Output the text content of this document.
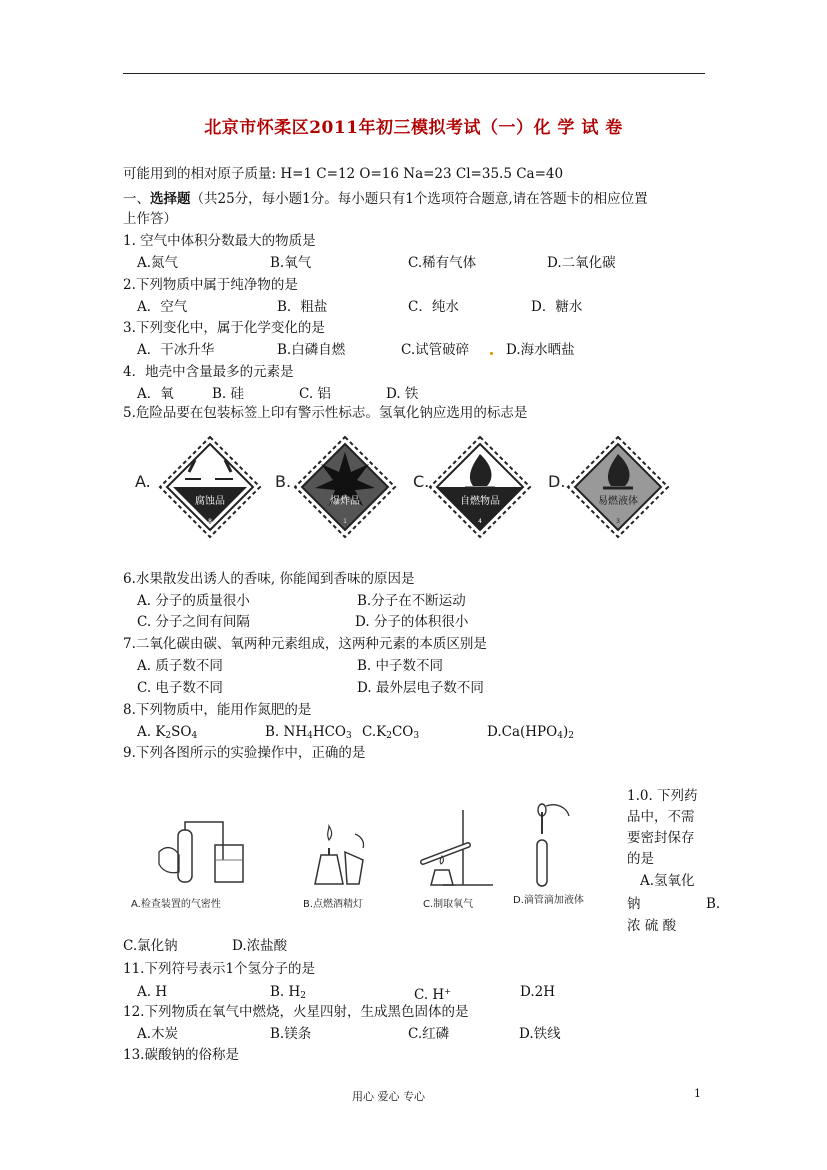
北京市怀柔区2011年初三模拟考试（一）化 学 试 卷
可能用到的相对原子质量: H=1 C=12 O=16 Na=23 Cl=35.5 Ca=40
一、选择题（共25分，每小题1分。每小题只有1个选项符合题意,请在答题卡的相应位置
上作答）
1. 空气中体积分数最大的物质是
A.氮气	B.氧气	C.稀有气体	D.二氧化碳
2.下列物质中属于纯净物的是
A．空气	B．粗盐	C．纯水	D．糖水
3.下列变化中，属于化学变化的是
A．干冰升华	B.白磷自燃	C.试管破碎	D.海水晒盐
4．地壳中含量最多的元素是
A．氧	B. 硅	C. 铝	D. 铁
5.危险品要在包装标签上印有警示性标志。氢氧化钠应选用的标志是
A.
腐蚀品
8
B.
爆炸品
1
C.
自燃物品
4
D.
易燃液体
3
6.水果散发出诱人的香味, 你能闻到香味的原因是
A. 分子的质量很小	B.分子在不断运动
C. 分子之间有间隔	D. 分子的体积很小
7.二氧化碳由碳、氧两种元素组成，这两种元素的本质区别是
A. 质子数不同	B. 中子数不同
C. 电子数不同	D. 最外层电子数不同
8.下列物质中，能用作氮肥的是
A. $K_2SO_4$	B. $NH_4HCO_3$ $C.K_2CO_3$	$D.Ca(HPO_4)_2$
9.下列各图所示的实验操作中，正确的是
A.检查装置的气密性	B.点燃酒精灯	C.制取氧气	D.滴管滴加液体
1.0. 下列药
品中，不需
要密封保存
的是
A.氢氧化
钠	B.
浓 硫 酸
C.氯化钠	D.浓盐酸
11.下列符号表示1个氢分子的是
A. H	B. $H_2$	C. H+	D.2H
12.下列物质在氧气中燃烧，火星四射，生成黑色固体的是
A.木炭	B.镁条	C.红磷	D.铁线
13.碳酸钠的俗称是
用心 爱心 专心	1
